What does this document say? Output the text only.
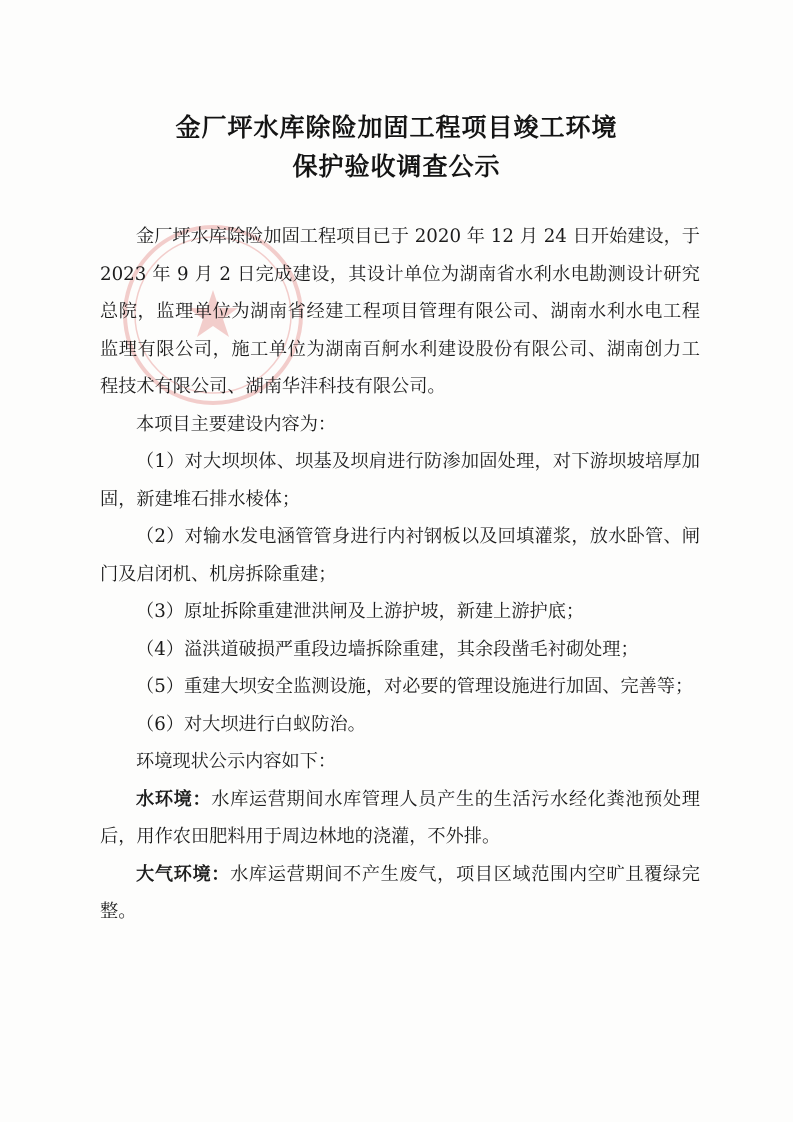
金厂坪水库除险加固工程项目竣工环境
保护验收调查公示

金厂坪水库除险加固工程项目已于 2020 年 12 月 24 日开始建设，于 2023 年 9 月 2 日完成建设，其设计单位为湖南省水利水电勘测设计研究总院，监理单位为湖南省经建工程项目管理有限公司、湖南水利水电工程监理有限公司，施工单位为湖南百舸水利建设股份有限公司、湖南创力工程技术有限公司、湖南华沣科技有限公司。

本项目主要建设内容为：

（1）对大坝坝体、坝基及坝肩进行防渗加固处理，对下游坝坡培厚加固，新建堆石排水棱体；

（2）对输水发电涵管管身进行内衬钢板以及回填灌浆，放水卧管、闸门及启闭机、机房拆除重建；

（3）原址拆除重建泄洪闸及上游护坡，新建上游护底；

（4）溢洪道破损严重段边墙拆除重建，其余段凿毛衬砌处理；

（5）重建大坝安全监测设施，对必要的管理设施进行加固、完善等；

（6）对大坝进行白蚁防治。

环境现状公示内容如下：

水环境：水库运营期间水库管理人员产生的生活污水经化粪池预处理后，用作农田肥料用于周边林地的浇灌，不外排。

大气环境：水库运营期间不产生废气，项目区域范围内空旷且覆绿完整。
